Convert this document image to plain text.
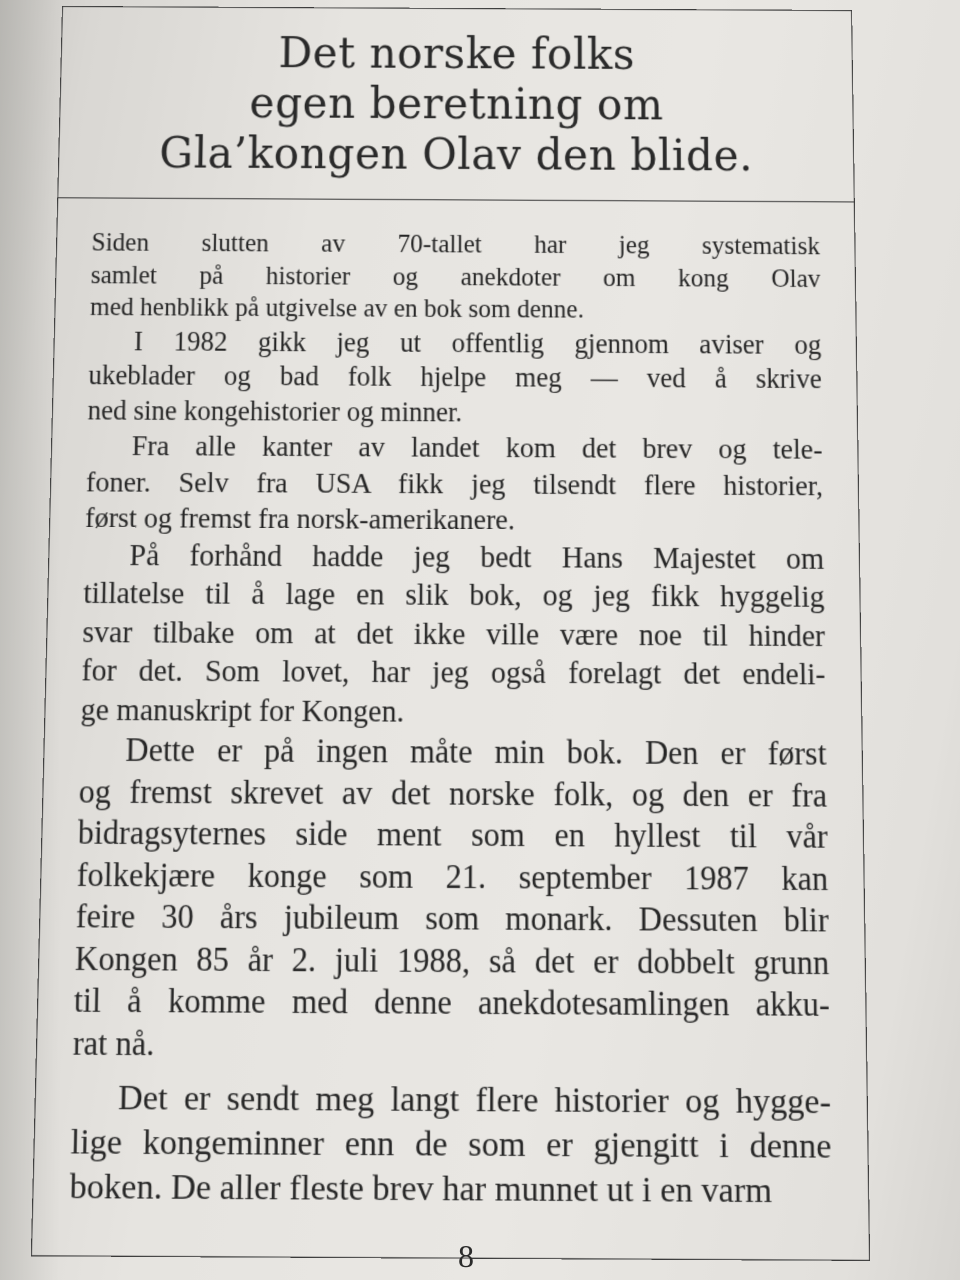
Det norske folks
egen beretning om
Gla’kongen Olav den blide.
Siden slutten av 70-tallet har jeg systematisk
samlet på historier og anekdoter om kong Olav
med henblikk på utgivelse av en bok som denne.
I 1982 gikk jeg ut offentlig gjennom aviser og
ukeblader og bad folk hjelpe meg — ved å skrive
ned sine kongehistorier og minner.
Fra alle kanter av landet kom det brev og tele-
foner. Selv fra USA fikk jeg tilsendt flere historier,
først og fremst fra norsk-amerikanere.
På forhånd hadde jeg bedt Hans Majestet om
tillatelse til å lage en slik bok, og jeg fikk hyggelig
svar tilbake om at det ikke ville være noe til hinder
for det. Som lovet, har jeg også forelagt det endeli-
ge manuskript for Kongen.
Dette er på ingen måte min bok. Den er først
og fremst skrevet av det norske folk, og den er fra
bidragsyternes side ment som en hyllest til vår
folkekjære konge som 21. september 1987 kan
feire 30 års jubileum som monark. Dessuten blir
Kongen 85 år 2. juli 1988, så det er dobbelt grunn
til å komme med denne anekdotesamlingen akku-
rat nå.
Det er sendt meg langt flere historier og hygge-
lige kongeminner enn de som er gjengitt i denne
boken. De aller fleste brev har munnet ut i en varm
8
